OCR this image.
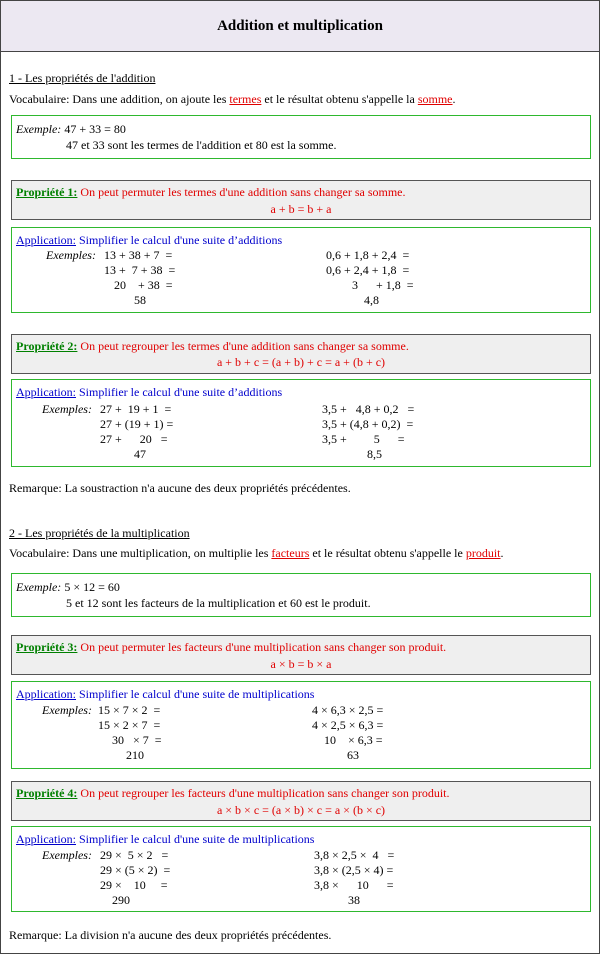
Addition et multiplication
1 - Les propriétés de l'addition
Vocabulaire: Dans une addition, on ajoute les termes et le résultat obtenu s'appelle la somme.
Exemple: 47 + 33 = 80
47 et 33 sont les termes de l'addition et 80 est la somme.
Propriété 1: On peut permuter les termes d'une addition sans changer sa somme.
a + b = b + a
Application: Simplifier le calcul d'une suite d’additions
Exemples: 13 + 38 + 7  =
13 +  7 + 38  =
20    + 38  =
58
0,6 + 1,8 + 2,4  =
0,6 + 2,4 + 1,8  =
3      + 1,8  =
4,8
Propriété 2: On peut regrouper les termes d'une addition sans changer sa somme.
a + b + c = (a + b) + c = a + (b + c)
Application: Simplifier le calcul d'une suite d’additions
Exemples: 27 +  19 + 1  =
27 + (19 + 1) =
27 +      20   =
47
3,5 +   4,8 + 0,2   =
3,5 + (4,8 + 0,2)  =
3,5 +         5      =
8,5
Remarque: La soustraction n'a aucune des deux propriétés précédentes.
2 - Les propriétés de la multiplication
Vocabulaire: Dans une multiplication, on multiplie les facteurs et le résultat obtenu s'appelle le produit.
Exemple: 5 × 12 = 60
5 et 12 sont les facteurs de la multiplication et 60 est le produit.
Propriété 3: On peut permuter les facteurs d'une multiplication sans changer son produit.
a × b = b × a
Application: Simplifier le calcul d'une suite de multiplications
Exemples: 15 × 7 × 2  =
15 × 2 × 7  =
30   × 7  =
210
4 × 6,3 × 2,5 =
4 × 2,5 × 6,3 =
10    × 6,3 =
63
Propriété 4: On peut regrouper les facteurs d'une multiplication sans changer son produit.
a × b × c = (a × b) × c = a × (b × c)
Application: Simplifier le calcul d'une suite de multiplications
Exemples: 29 ×  5 × 2   =
29 × (5 × 2)  =
29 ×    10     =
290
3,8 × 2,5 ×  4   =
3,8 × (2,5 × 4) =
3,8 ×      10      =
38
Remarque: La division n'a aucune des deux propriétés précédentes.
